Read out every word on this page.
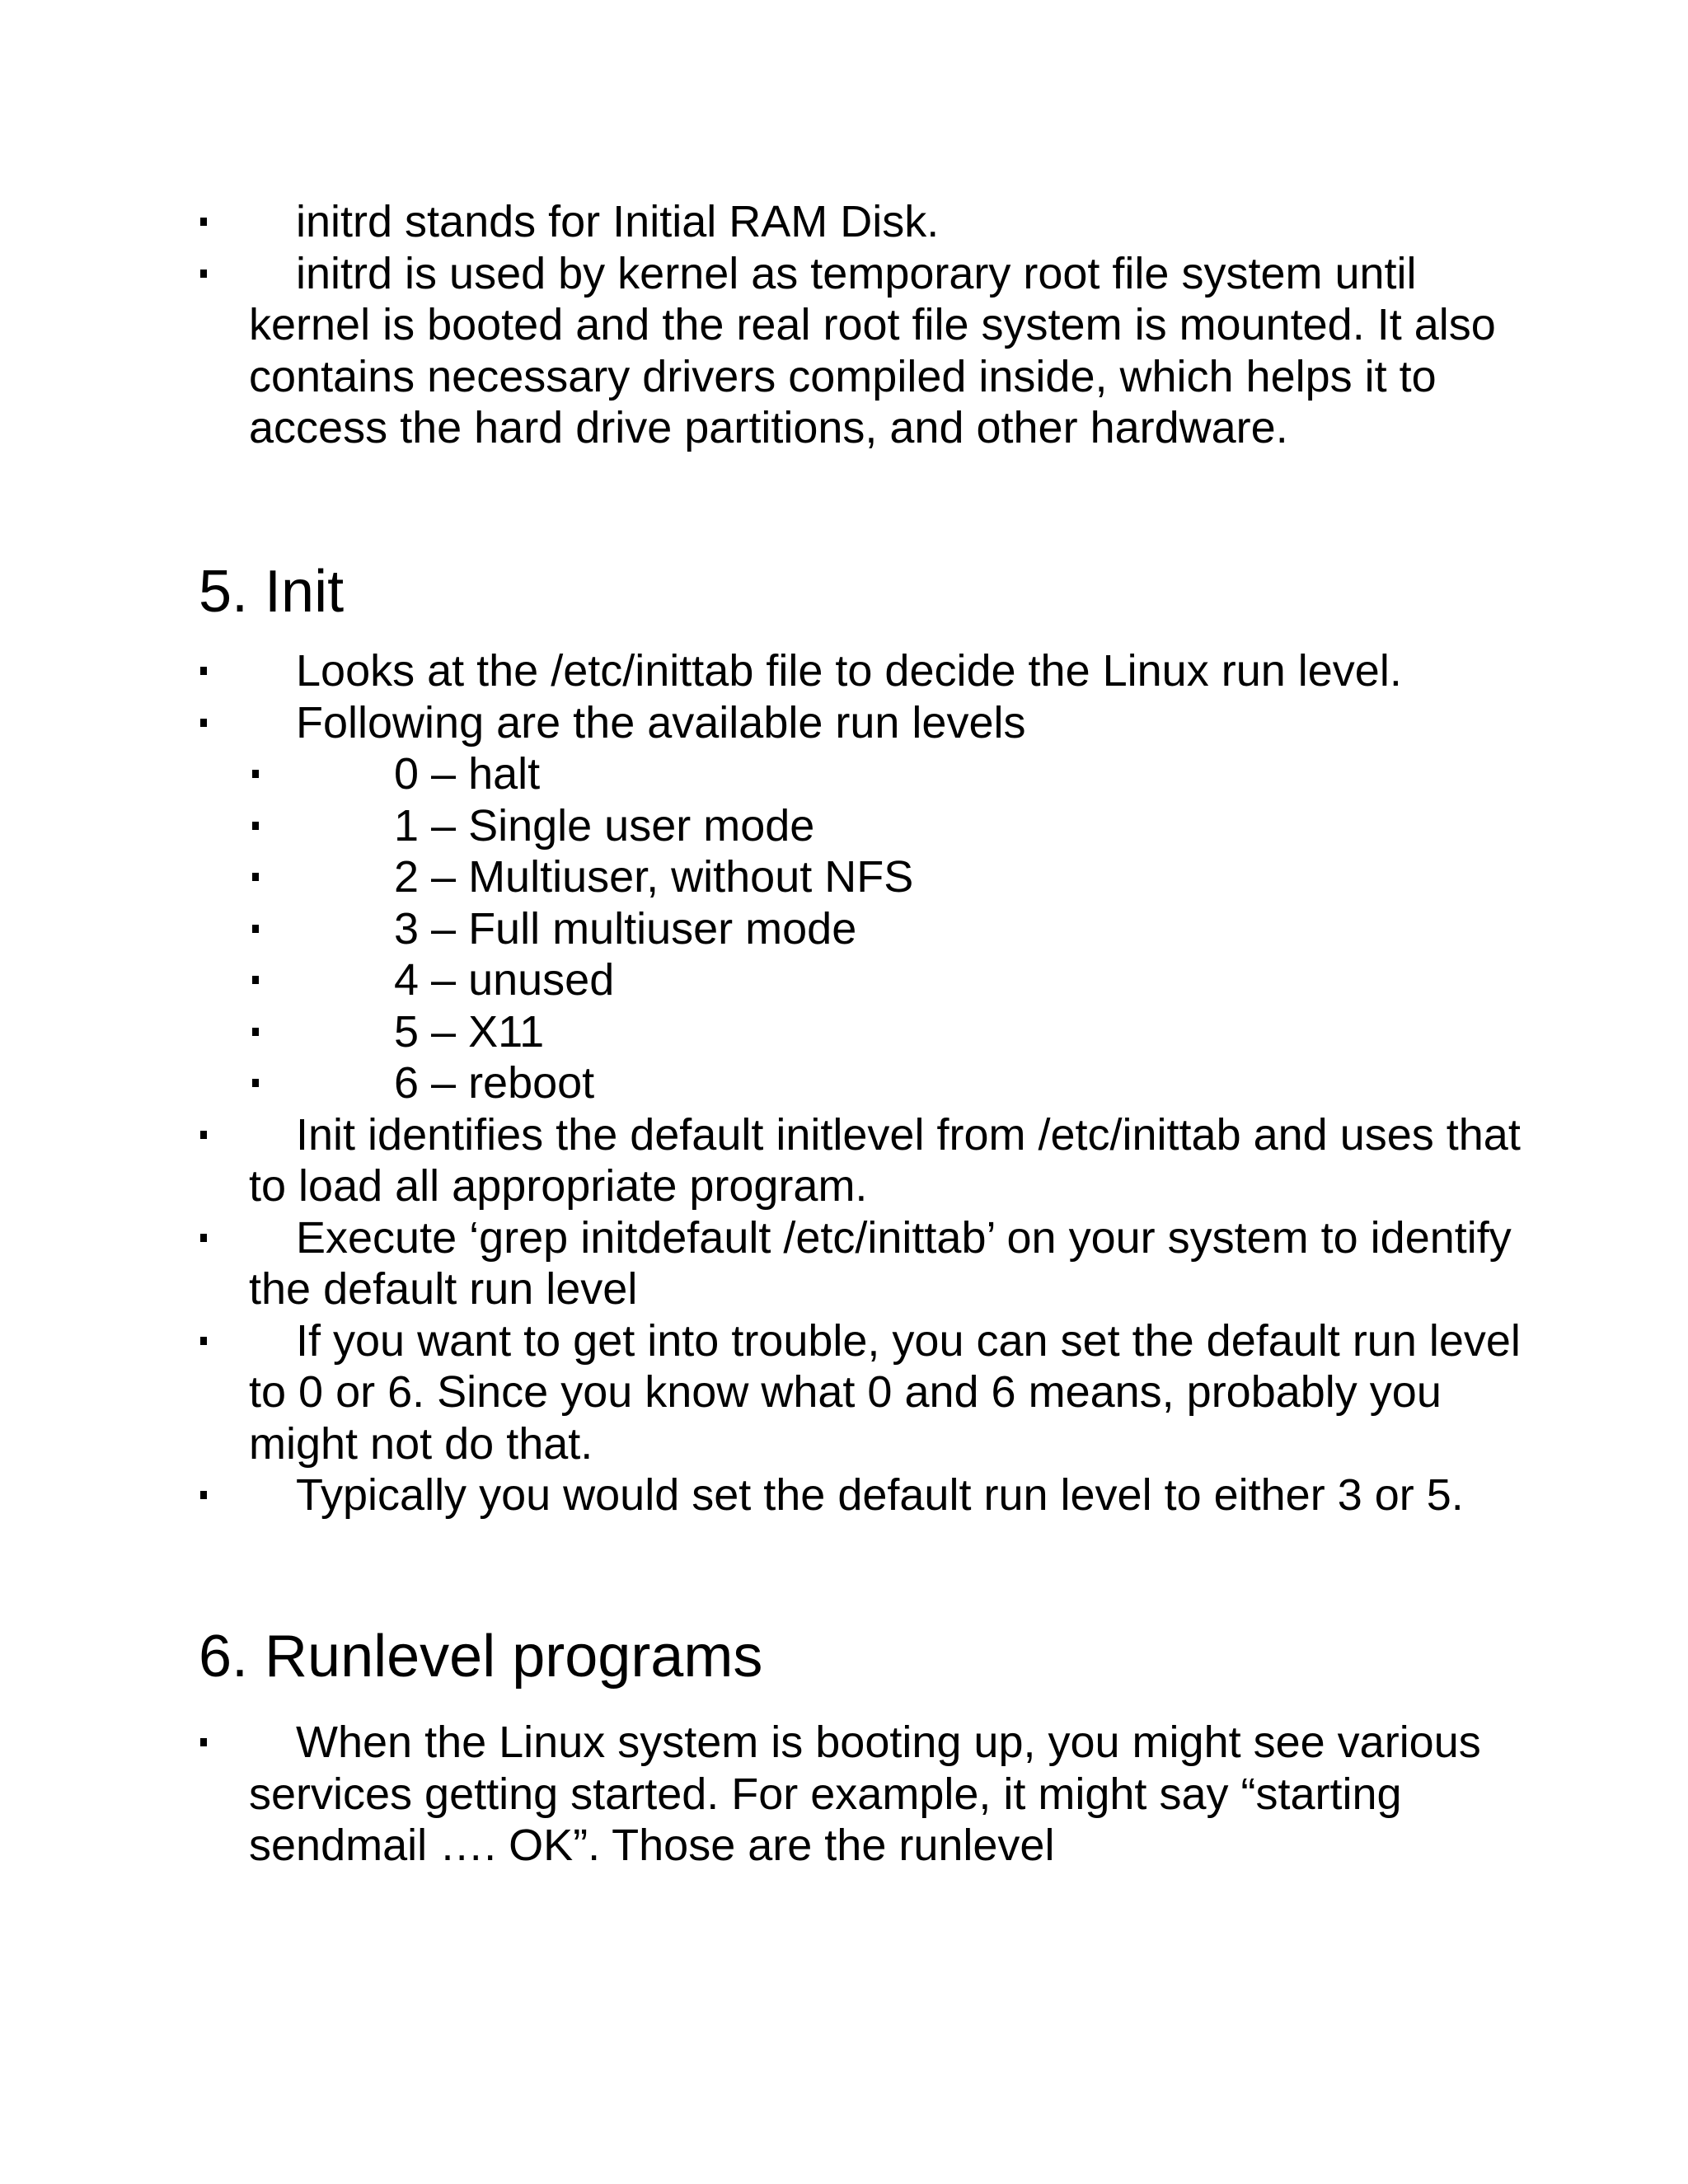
initrd stands for Initial RAM Disk.
initrd is used by kernel as temporary root file system until kernel is booted and the real root file system is mounted. It also contains necessary drivers compiled inside, which helps it to access the hard drive partitions, and other hardware.
5. Init
Looks at the /etc/inittab file to decide the Linux run level.
Following are the available run levels
0 – halt
1 – Single user mode
2 – Multiuser, without NFS
3 – Full multiuser mode
4 – unused
5 – X11
6 – reboot
Init identifies the default initlevel from /etc/inittab and uses that to load all appropriate program.
Execute ‘grep initdefault /etc/inittab’ on your system to identify the default run level
If you want to get into trouble, you can set the default run level to 0 or 6. Since you know what 0 and 6 means, probably you might not do that.
Typically you would set the default run level to either 3 or 5.
6. Runlevel programs
When the Linux system is booting up, you might see various services getting started. For example, it might say “starting sendmail …. OK”. Those are the runlevel
